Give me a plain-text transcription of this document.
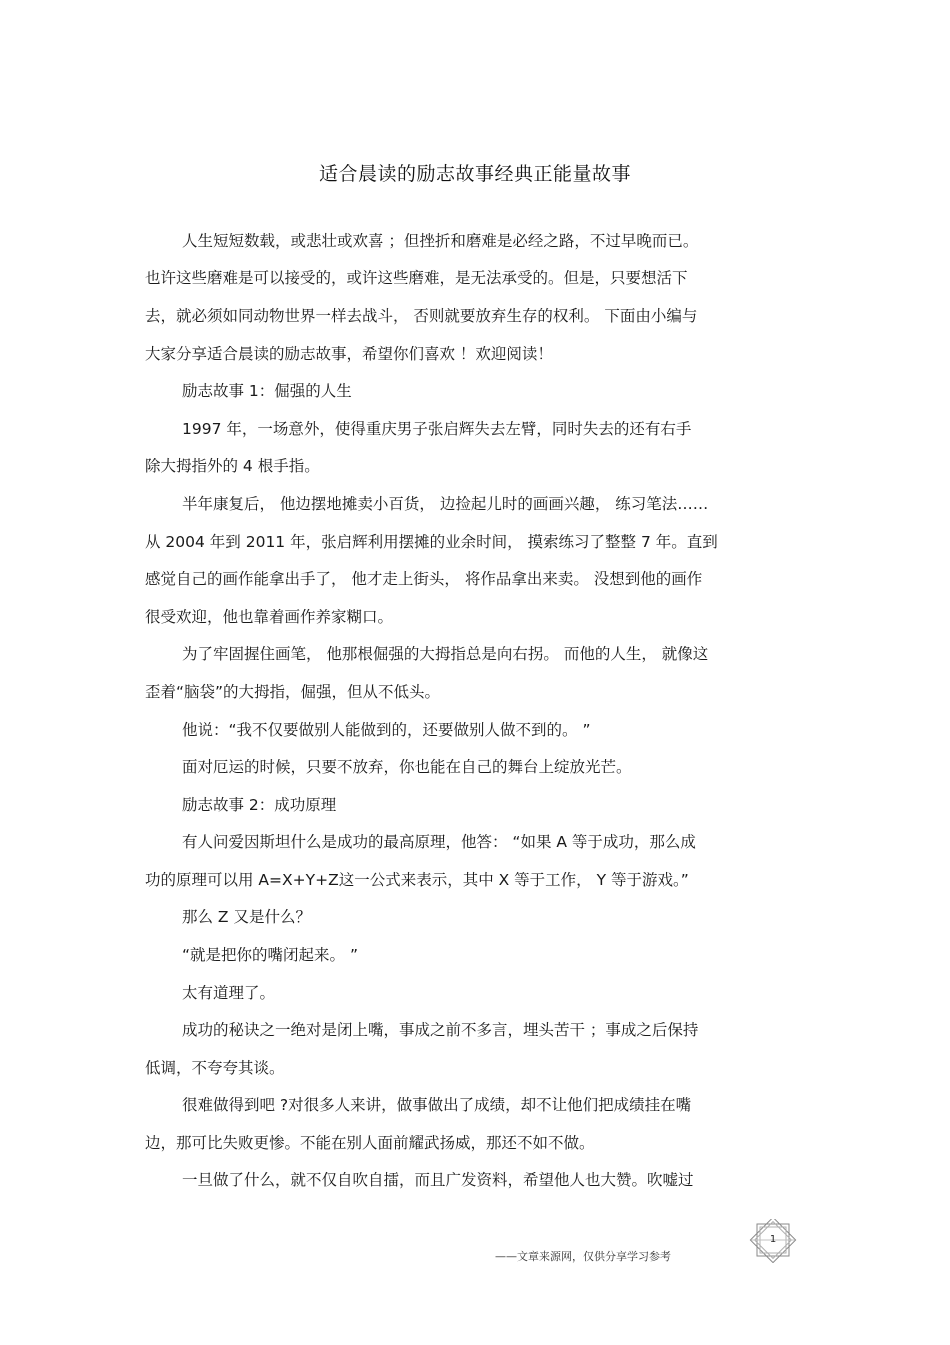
适合晨读的励志故事经典正能量故事
人生短短数载，或悲壮或欢喜 ；但挫折和磨难是必经之路，不过早晚而已。
也许这些磨难是可以接受的，或许这些磨难，是无法承受的。但是，只要想活下
去，就必须如同动物世界一样去战斗， 否则就要放弃生存的权利。 下面由小编与
大家分享适合晨读的励志故事，希望你们喜欢 ！欢迎阅读！
励志故事 1：倔强的人生
1997 年，一场意外，使得重庆男子张启辉失去左臂，同时失去的还有右手
除大拇指外的 4 根手指。
半年康复后， 他边摆地摊卖小百货， 边捡起儿时的画画兴趣， 练习笔法……
从 2004 年到 2011 年，张启辉利用摆摊的业余时间， 摸索练习了整整 7 年。直到
感觉自己的画作能拿出手了， 他才走上街头， 将作品拿出来卖。 没想到他的画作
很受欢迎，他也靠着画作养家糊口。
为了牢固握住画笔， 他那根倔强的大拇指总是向右拐。 而他的人生， 就像这
歪着“脑袋”的大拇指，倔强，但从不低头。
他说：“我不仅要做别人能做到的，还要做别人做不到的。 ”
面对厄运的时候，只要不放弃，你也能在自己的舞台上绽放光芒。
励志故事 2：成功原理
有人问爱因斯坦什么是成功的最高原理，他答： “如果 A 等于成功，那么成
功的原理可以用 A=X+Y+Z这一公式来表示，其中 X 等于工作， Y 等于游戏。”
那么 Z 又是什么？
“就是把你的嘴闭起来。 ”
太有道理了。
成功的秘诀之一绝对是闭上嘴，事成之前不多言，埋头苦干 ；事成之后保持
低调，不夸夸其谈。
很难做得到吧 ?对很多人来讲，做事做出了成绩，却不让他们把成绩挂在嘴
边，那可比失败更惨。不能在别人面前耀武扬威，那还不如不做。
一旦做了什么，就不仅自吹自擂，而且广发资料，希望他人也大赞。吹嘘过
1
——文章来源网，仅供分享学习参考
